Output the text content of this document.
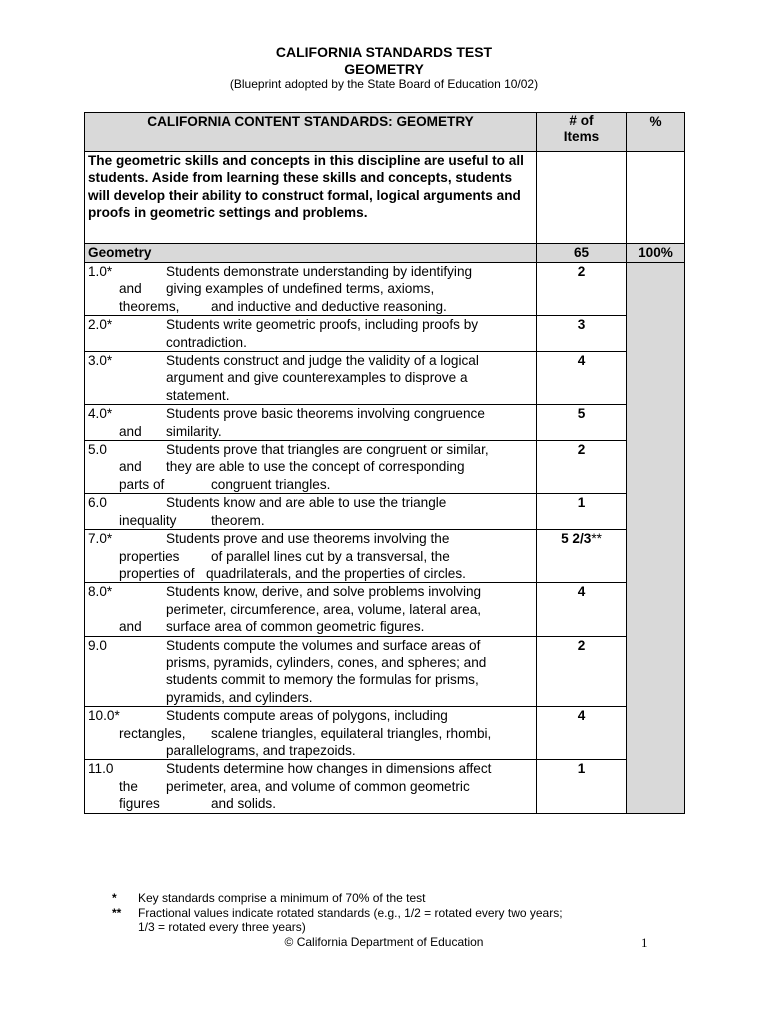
CALIFORNIA STANDARDS TEST
GEOMETRY
(Blueprint adopted by the State Board of Education 10/02)
CALIFORNIA CONTENT STANDARDS: GEOMETRY	# of
Items	%
The geometric skills and concepts in this discipline are useful to all students. Aside from learning these skills and concepts, students will develop their ability to construct formal, logical arguments and proofs in geometric settings and problems.		
Geometry	65	100%

1.0* Students demonstrate understanding by identifying
and giving examples of undefined terms, axioms,
theorems, and inductive and deductive reasoning.	2	

2.0* Students write geometric proofs, including proofs by
contradiction.	3	

3.0* Students construct and judge the validity of a logical
argument and give counterexamples to disprove a
statement.	4	

4.0* Students prove basic theorems involving congruence
and similarity.	5	

5.0 Students prove that triangles are congruent or similar,
and they are able to use the concept of corresponding
parts of congruent triangles.	2	

6.0 Students know and are able to use the triangle
inequality theorem.	1	

7.0* Students prove and use theorems involving the
properties of parallel lines cut by a transversal, the
properties of quadrilaterals, and the properties of circles.	5 2/3**	

8.0* Students know, derive, and solve problems involving
perimeter, circumference, area, volume, lateral area,
and surface area of common geometric figures.	4	

9.0 Students compute the volumes and surface areas of
prisms, pyramids, cylinders, cones, and spheres; and
students commit to memory the formulas for prisms,
pyramids, and cylinders.	2	

10.0* Students compute areas of polygons, including
rectangles, scalene triangles, equilateral triangles, rhombi,
parallelograms, and trapezoids.	4	

11.0 Students determine how changes in dimensions affect
the perimeter, area, and volume of common geometric
figures and solids.	1	
* Key standards comprise a minimum of 70% of the test
** Fractional values indicate rotated standards (e.g., 1/2 = rotated every two years;
1/3 = rotated every three years)
© California Department of Education	1
